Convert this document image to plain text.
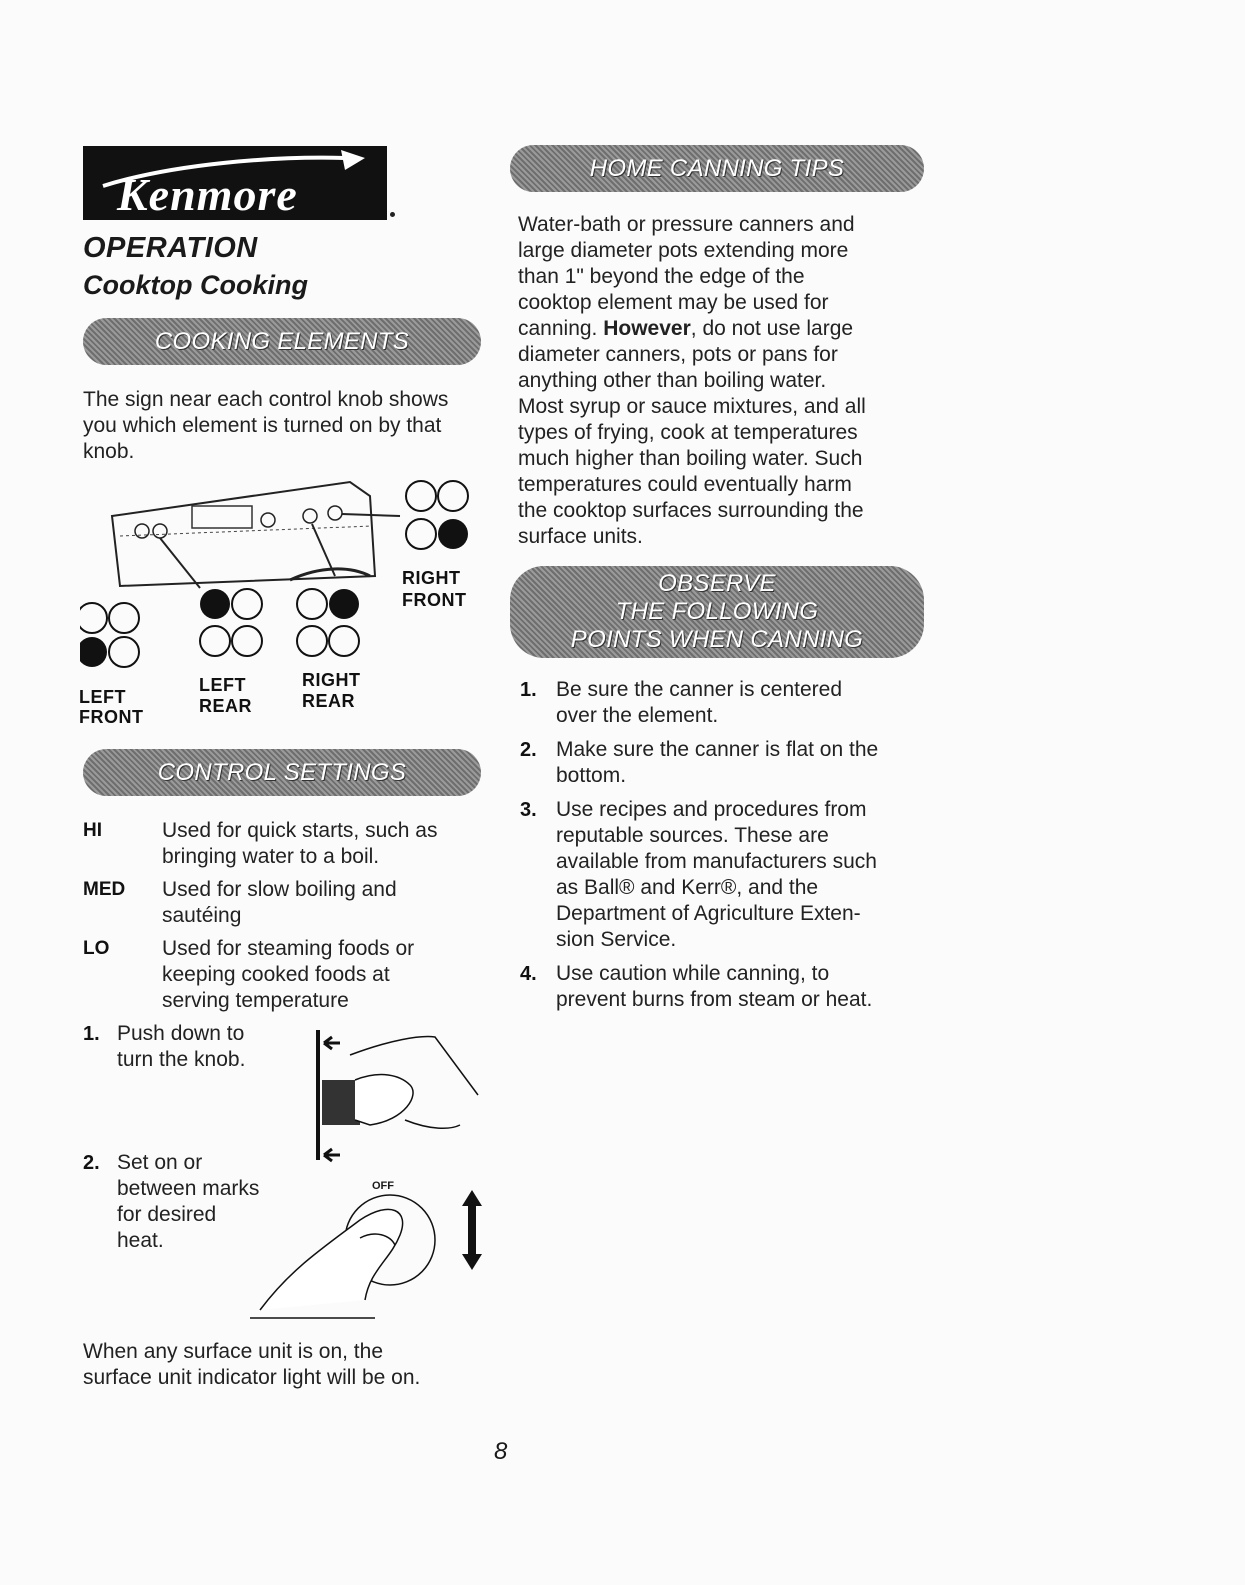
Kenmore
OPERATION
Cooktop Cooking
COOKING ELEMENTS
The sign near each control knob shows you which element is turned on by that knob.
RIGHT
FRONT
LEFT
FRONT
LEFT
REAR
RIGHT
REAR
CONTROL SETTINGS
HI	Used for quick starts, such as
bringing water to a boil.
MED Used for slow boiling and
sautéing
LO	Used for steaming foods or
keeping cooked foods at
serving temperature
1. Push down to
turn the knob.
2. Set on or
between marks
for desired
heat.
OFF
When any surface unit is on, the
surface unit indicator light will be on.
HOME CANNING TIPS
Water-bath or pressure canners and
large diameter pots extending more
than 1" beyond the edge of the
cooktop element may be used for
canning. However, do not use large
diameter canners, pots or pans for
anything other than boiling water.
Most syrup or sauce mixtures, and all
types of frying, cook at temperatures
much higher than boiling water. Such
temperatures could eventually harm
the cooktop surfaces surrounding the
surface units.
OBSERVE
THE FOLLOWING
POINTS WHEN CANNING
1. Be sure the canner is centered
over the element.
2. Make sure the canner is flat on the
bottom.
3. Use recipes and procedures from
reputable sources. These are
available from manufacturers such
as Ball® and Kerr®, and the
Department of Agriculture Exten-
sion Service.
4. Use caution while canning, to
prevent burns from steam or heat.
8
